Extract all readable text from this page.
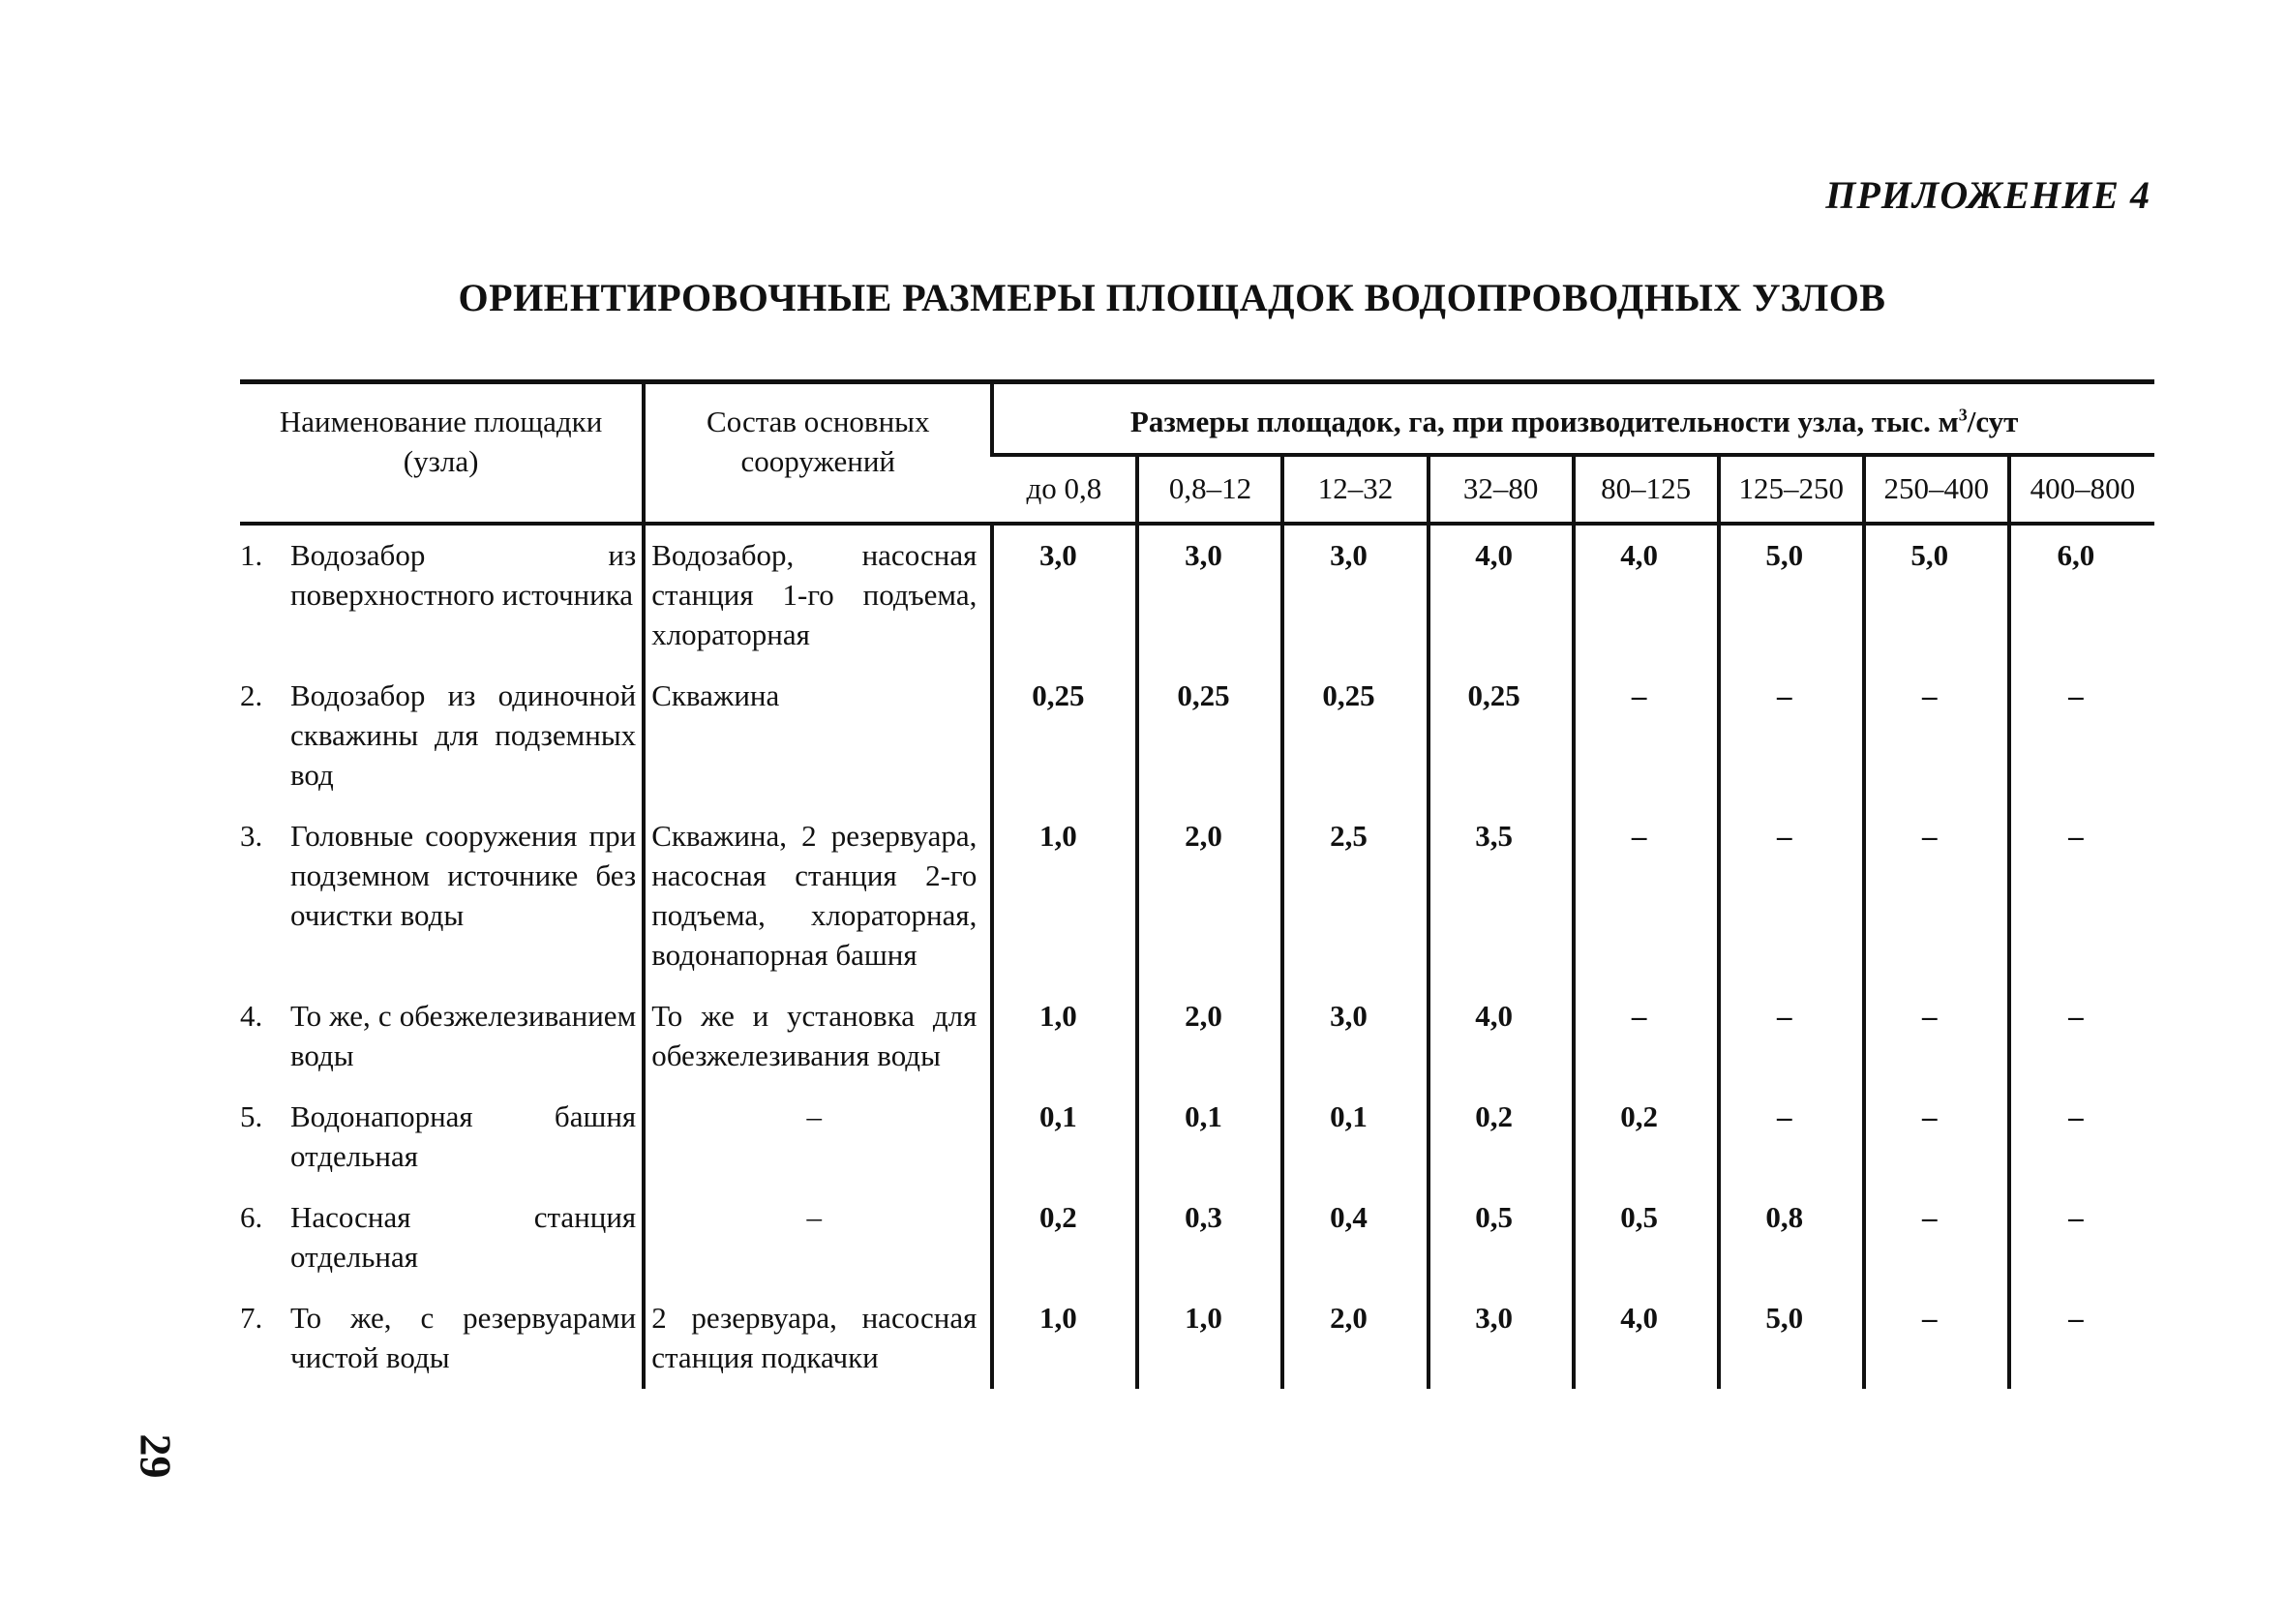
ПРИЛОЖЕНИЕ 4
ОРИЕНТИРОВОЧНЫЕ РАЗМЕРЫ ПЛОЩАДОК ВОДОПРОВОДНЫХ УЗЛОВ
29
Наименование площадки (узла)	Состав основных сооружений	Размеры площадок, га, при производительности узла, тыс. $м^3$/сут							
		до 0,8	0,8–12	12–32	32–80	80–125	125–250	250–400	400–800

1. Водозабор из поверхностного источника	Водозабор, насосная станция 1-го подъема, хлораторная	3,0	3,0	3,0	4,0	4,0	5,0	5,0	6,0

2. Водозабор из одиночной скважины для подземных вод	Скважина	0,25	0,25	0,25	0,25	–	–	–	–

3. Головные сооружения при подземном источнике без очистки воды	Скважина, 2 резервуара, насосная станция 2-го подъема, хлораторная, водонапорная башня	1,0	2,0	2,5	3,5	–	–	–	–

4. То же, с обезжелезиванием воды	То же и установка для обезжелезивания воды	1,0	2,0	3,0	4,0	–	–	–	–

5. Водонапорная башня отдельная	–	0,1	0,1	0,1	0,2	0,2	–	–	–

6. Насосная станция отдельная	–	0,2	0,3	0,4	0,5	0,5	0,8	–	–

7. То же, с резервуарами чистой воды	2 резервуара, насосная станция подкачки	1,0	1,0	2,0	3,0	4,0	5,0	–	–
